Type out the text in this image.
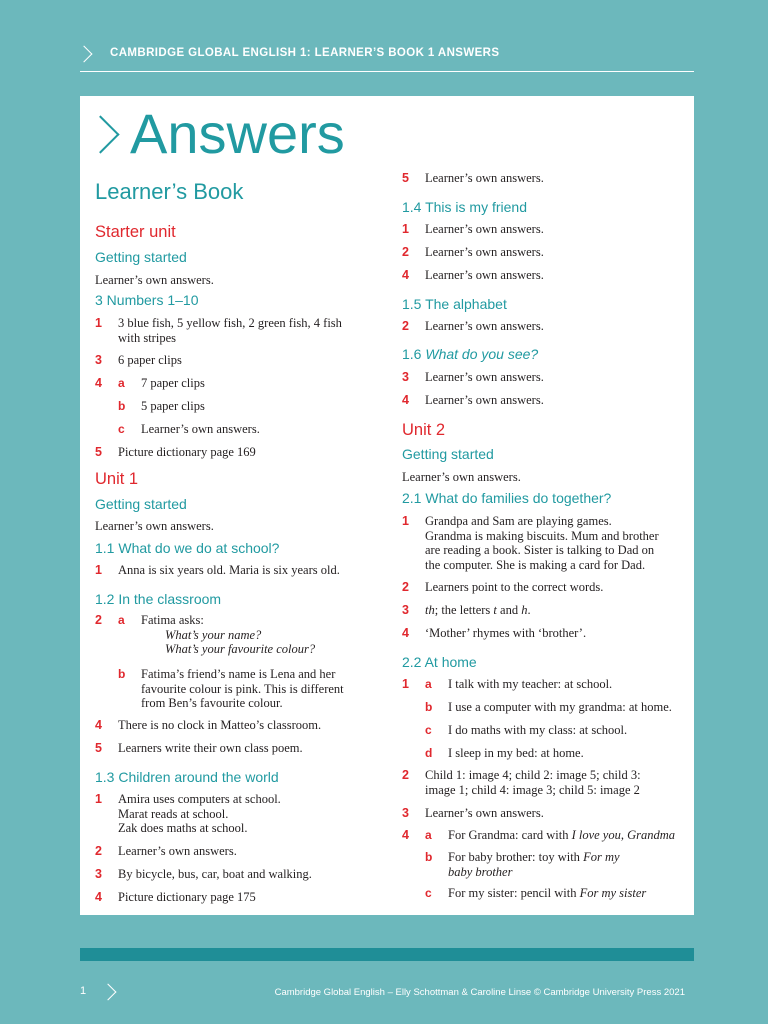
CAMBRIDGE GLOBAL ENGLISH 1: LEARNER’S BOOK 1 ANSWERS
Answers
Learner’s Book
Starter unit
Getting started
Learner’s own answers.
3 Numbers 1–10
1 3 blue fish, 5 yellow fish, 2 green fish, 4 fish
with stripes
3 6 paper clips
4 a 7 paper clips
b 5 paper clips
c Learner’s own answers.
5 Picture dictionary page 169
Unit 1
Getting started
Learner’s own answers.
1.1 What do we do at school?
1 Anna is six years old. Maria is six years old.
1.2 In the classroom
2 a Fatima asks:
What’s your name?
What’s your favourite colour?
b Fatima’s friend’s name is Lena and her
favourite colour is pink. This is different
from Ben’s favourite colour.
4 There is no clock in Matteo’s classroom.
5 Learners write their own class poem.
1.3 Children around the world
1 Amira uses computers at school.
Marat reads at school.
Zak does maths at school.
2 Learner’s own answers.
3 By bicycle, bus, car, boat and walking.
4 Picture dictionary page 175
5 Learner’s own answers.
1.4 This is my friend
1 Learner’s own answers.
2 Learner’s own answers.
4 Learner’s own answers.
1.5 The alphabet
2 Learner’s own answers.
1.6 What do you see?
3 Learner’s own answers.
4 Learner’s own answers.
Unit 2
Getting started
Learner’s own answers.
2.1 What do families do together?
1 Grandpa and Sam are playing games.
Grandma is making biscuits. Mum and brother
are reading a book. Sister is talking to Dad on
the computer. She is making a card for Dad.
2 Learners point to the correct words.
3 th; the letters t and h.
4 ‘Mother’ rhymes with ‘brother’.
2.2 At home
1 a I talk with my teacher: at school.
b I use a computer with my grandma: at home.
c I do maths with my class: at school.
d I sleep in my bed: at home.
2 Child 1: image 4; child 2: image 5; child 3:
image 1; child 4: image 3; child 5: image 2
3 Learner’s own answers.
4 a For Grandma: card with I love you, Grandma
b For baby brother: toy with For my
baby brother
c For my sister: pencil with For my sister
1	Cambridge Global English – Elly Schottman & Caroline Linse © Cambridge University Press 2021
